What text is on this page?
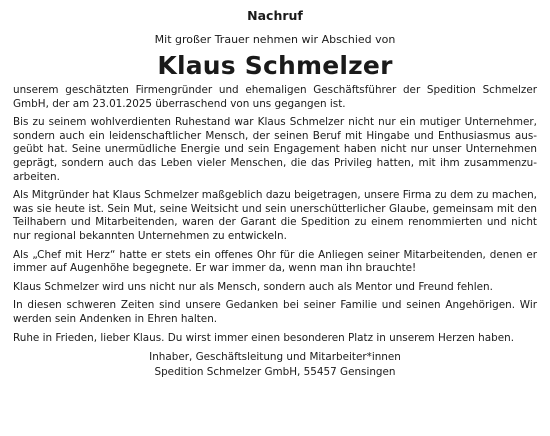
Nachruf
Mit großer Trauer nehmen wir Abschied von
Klaus Schmelzer

unserem geschätzten Firmengründer und ehemaligen Geschäftsführer der Spedition Schmelzer GmbH, der am 23.01.2025 überraschend von uns gegangen ist.

Bis zu seinem wohlverdienten Ruhestand war Klaus Schmelzer nicht nur ein mutiger Unternehmer, sondern auch ein leidenschaftlicher Mensch, der seinen Beruf mit Hingabe und Enthusiasmus ausgeübt hat. Seine unermüdliche Energie und sein Engagement haben nicht nur unser Unternehmen geprägt, sondern auch das Leben vieler Menschen, die das Privileg hatten, mit ihm zusammenzuarbeiten.

Als Mitgründer hat Klaus Schmelzer maßgeblich dazu beigetragen, unsere Firma zu dem zu machen, was sie heute ist. Sein Mut, seine Weitsicht und sein unerschütterlicher Glaube, gemeinsam mit den Teilhabern und Mitarbeitenden, waren der Garant die Spedition zu einem renommierten und nicht nur regional bekannten Unternehmen zu entwickeln.

Als „Chef mit Herz“ hatte er stets ein offenes Ohr für die Anliegen seiner Mitarbeitenden, denen er immer auf Augenhöhe begegnete. Er war immer da, wenn man ihn brauchte!

Klaus Schmelzer wird uns nicht nur als Mensch, sondern auch als Mentor und Freund fehlen.

In diesen schweren Zeiten sind unsere Gedanken bei seiner Familie und seinen Angehörigen. Wir werden sein Andenken in Ehren halten.

Ruhe in Frieden, lieber Klaus. Du wirst immer einen besonderen Platz in unserem Herzen haben.

Inhaber, Geschäftsleitung und Mitarbeiter*innen
Spedition Schmelzer GmbH, 55457 Gensingen
